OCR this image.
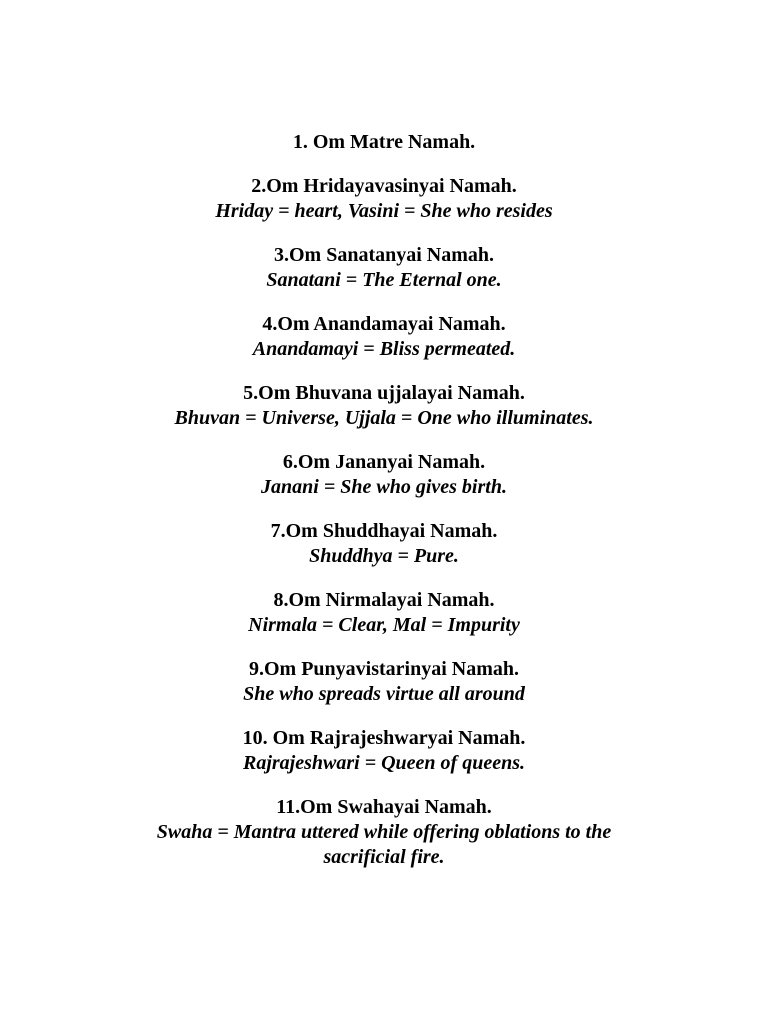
1. Om Matre Namah.
2.Om Hridayavasinyai Namah.
Hriday = heart, Vasini = She who resides
3.Om Sanatanyai Namah.
Sanatani = The Eternal one.
4.Om Anandamayai Namah.
Anandamayi = Bliss permeated.
5.Om Bhuvana ujjalayai Namah.
Bhuvan = Universe, Ujjala = One who illuminates.
6.Om Jananyai Namah.
Janani = She who gives birth.
7.Om Shuddhayai Namah.
Shuddhya = Pure.
8.Om Nirmalayai Namah.
Nirmala = Clear, Mal = Impurity
9.Om Punyavistarinyai Namah.
She who spreads virtue all around
10. Om Rajrajeshwaryai Namah.
Rajrajeshwari = Queen of queens.
11.Om Swahayai Namah.
Swaha = Mantra uttered while offering oblations to the sacrificial fire.
